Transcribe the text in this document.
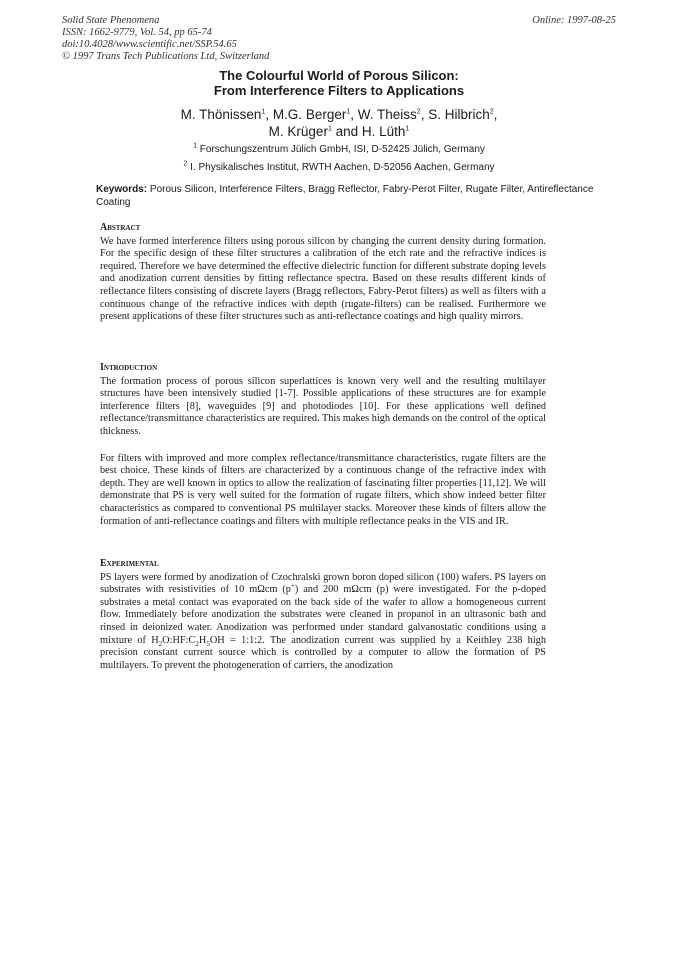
Solid State Phenomena
ISSN: 1662-9779, Vol. 54, pp 65-74
doi:10.4028/www.scientific.net/SSP.54.65
© 1997 Trans Tech Publications Ltd, Switzerland
Online: 1997-08-25
The Colourful World of Porous Silicon:
From Interference Filters to Applications
M. Thönissen$^1$, M.G. Berger$^1$, W. Theiss$^2$, S. Hilbrich$^2$,
M. Krüger$^1$ and H. Lüth$^1$
$^1$ Forschungszentrum Jülich GmbH, ISI, D-52425 Jülich, Germany
$^2$ I. Physikalisches Institut, RWTH Aachen, D-52056 Aachen, Germany
Keywords: Porous Silicon, Interference Filters, Bragg Reflector, Fabry-Perot Filter, Rugate Filter, Antireflectance Coating
Abstract

We have formed interference filters using porous silicon by changing the current density during formation. For the specific design of these filter structures a calibration of the etch rate and the refractive indices is required. Therefore we have determined the effective dielectric function for different substrate doping levels and anodization current densities by fitting reflectance spectra. Based on these results different kinds of reflectance filters consisting of discrete layers (Bragg reflectors, Fabry-Perot filters) as well as filters with a continuous change of the refractive indices with depth (rugate-filters) can be realised. Furthermore we present applications of these filter structures such as anti-reflectance coatings and high quality mirrors.

Introduction

The formation process of porous silicon superlattices is known very well and the resulting multilayer structures have been intensively studied [1-7]. Possible applications of these structures are for example interference filters [8], waveguides [9] and photodiodes [10]. For these applications well defined reflectance/transmittance characteristics are required. This makes high demands on the control of the optical thickness.

For filters with improved and more complex reflectance/transmittance characteristics, rugate filters are the best choice. These kinds of filters are characterized by a continuous change of the refractive index with depth. They are well known in optics to allow the realization of fascinating filter properties [11,12]. We will demonstrate that PS is very well suited for the formation of rugate filters, which show indeed better filter characteristics as compared to conventional PS multilayer stacks. Moreover these kinds of filters allow the formation of anti-reflectance coatings and filters with multiple reflectance peaks in the VIS and IR.

Experimental

PS layers were formed by anodization of Czochralski grown boron doped silicon (100) wafers. PS layers on substrates with resistivities of 10 mΩcm (p+) and 200 mΩcm (p) were investigated. For the p-doped substrates a metal contact was evaporated on the back side of the wafer to allow a homogeneous current flow. Immediately before anodization the substrates were cleaned in propanol in an ultrasonic bath and rinsed in deionized water. Anodization was performed under standard galvanostatic conditions using a mixture of $H_2O:HF:C_2H_5OH$ = 1:1:2. The anodization current was supplied by a Keithley 238 high precision constant current source which is controlled by a computer to allow the formation of PS multilayers. To prevent the photogeneration of carriers, the anodization
